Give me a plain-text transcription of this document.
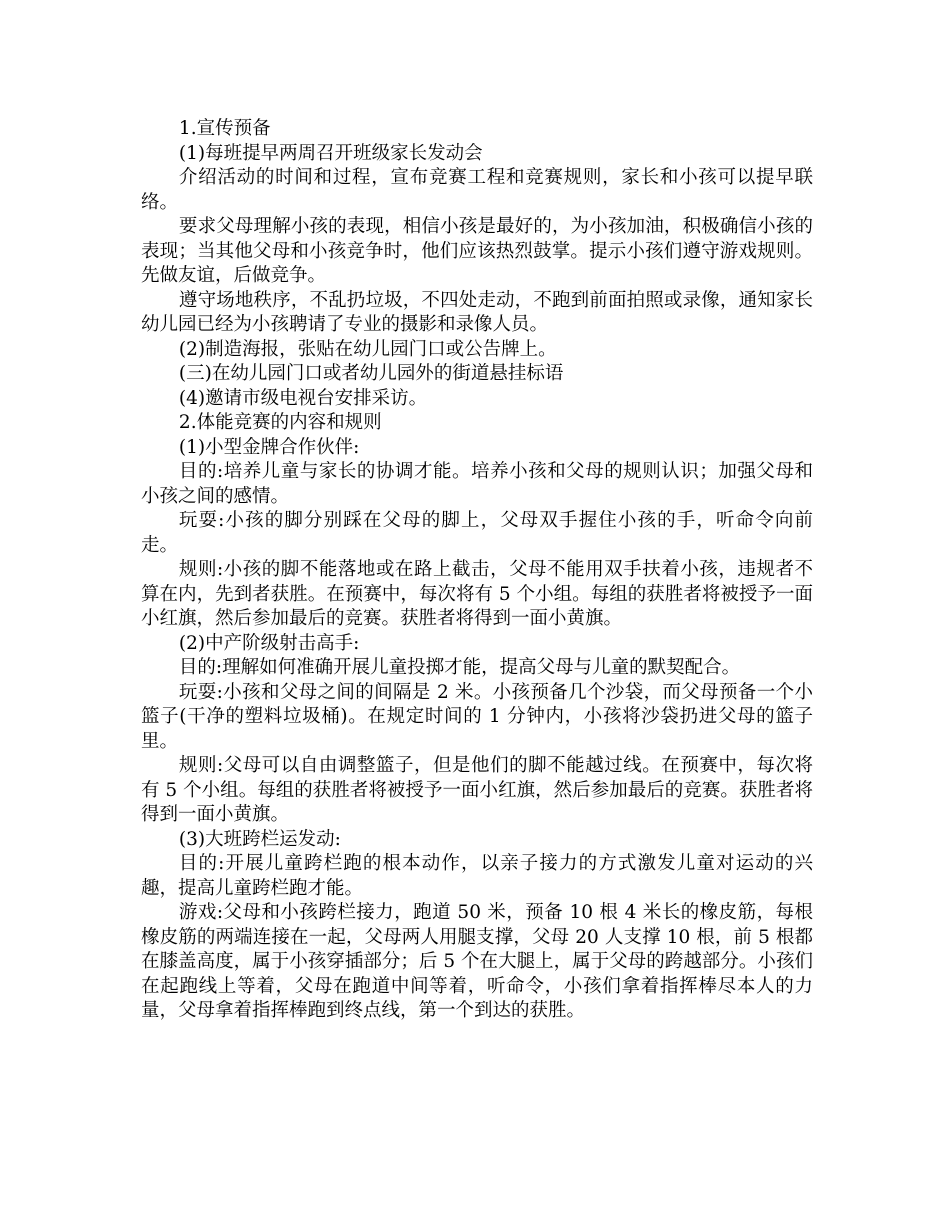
1.宣传预备

(1)每班提早两周召开班级家长发动会

介绍活动的时间和过程，宣布竞赛工程和竞赛规则，家长和小孩可以提早联络。

要求父母理解小孩的表现，相信小孩是最好的，为小孩加油，积极确信小孩的表现；当其他父母和小孩竞争时，他们应该热烈鼓掌。提示小孩们遵守游戏规则。先做友谊，后做竞争。

遵守场地秩序，不乱扔垃圾，不四处走动，不跑到前面拍照或录像，通知家长幼儿园已经为小孩聘请了专业的摄影和录像人员。

(2)制造海报，张贴在幼儿园门口或公告牌上。

(三)在幼儿园门口或者幼儿园外的街道悬挂标语

(4)邀请市级电视台安排采访。

2.体能竞赛的内容和规则

(1)小型金牌合作伙伴:

目的:培养儿童与家长的协调才能。培养小孩和父母的规则认识；加强父母和小孩之间的感情。

玩耍:小孩的脚分别踩在父母的脚上，父母双手握住小孩的手，听命令向前走。

规则:小孩的脚不能落地或在路上截击，父母不能用双手扶着小孩，违规者不算在内，先到者获胜。在预赛中，每次将有 5 个小组。每组的获胜者将被授予一面小红旗，然后参加最后的竞赛。获胜者将得到一面小黄旗。

(2)中产阶级射击高手:

目的:理解如何准确开展儿童投掷才能，提高父母与儿童的默契配合。

玩耍:小孩和父母之间的间隔是 2 米。小孩预备几个沙袋，而父母预备一个小篮子(干净的塑料垃圾桶)。在规定时间的 1 分钟内，小孩将沙袋扔进父母的篮子里。

规则:父母可以自由调整篮子，但是他们的脚不能越过线。在预赛中，每次将有 5 个小组。每组的获胜者将被授予一面小红旗，然后参加最后的竞赛。获胜者将得到一面小黄旗。

(3)大班跨栏运发动:

目的:开展儿童跨栏跑的根本动作，以亲子接力的方式激发儿童对运动的兴趣，提高儿童跨栏跑才能。

游戏:父母和小孩跨栏接力，跑道 50 米，预备 10 根 4 米长的橡皮筋，每根橡皮筋的两端连接在一起，父母两人用腿支撑，父母 20 人支撑 10 根，前 5 根都在膝盖高度，属于小孩穿插部分；后 5 个在大腿上，属于父母的跨越部分。小孩们在起跑线上等着，父母在跑道中间等着，听命令，小孩们拿着指挥棒尽本人的力量，父母拿着指挥棒跑到终点线，第一个到达的获胜。
